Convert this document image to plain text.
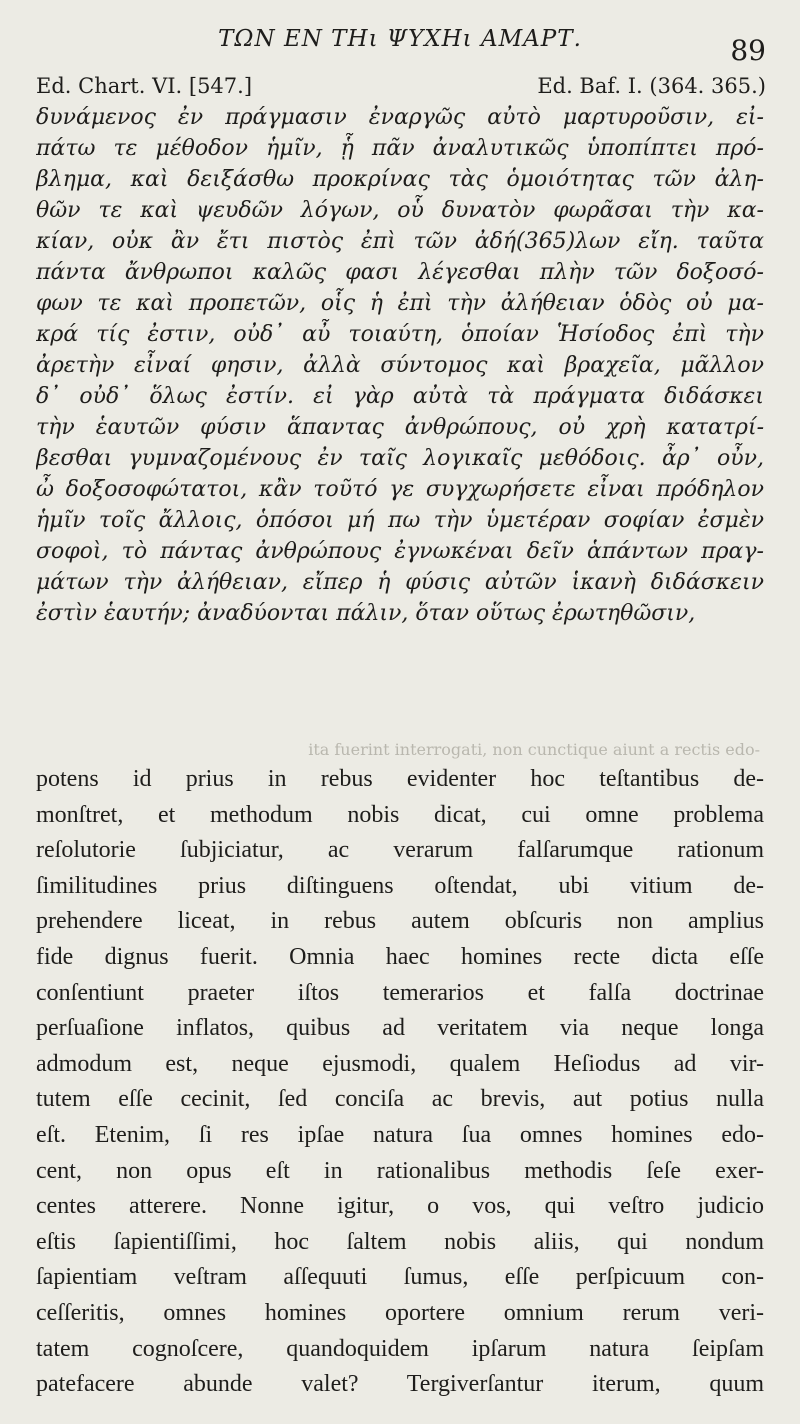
ΤΩΝ ΕΝ ΤΗι ΨΥΧΗι ΑΜΑΡΤ.	89
Ed. Chart. VI. [547.]	Ed. Baf. I. (364. 365.)
δυνάμενος ἐν πράγμασιν ἐναργῶς αὐτὸ μαρτυροῦσιν, εἰ-
πάτω τε μέθοδον ἡμῖν, ᾗ πᾶν ἀναλυτικῶς ὑποπίπτει πρό-
βλημα, καὶ δειξάσθω προκρίνας τὰς ὁμοιότητας τῶν ἀλη-
θῶν τε καὶ ψευδῶν λόγων, οὗ δυνατὸν φωρᾶσαι τὴν κα-
κίαν, οὐκ ἂν ἔτι πιστὸς ἐπὶ τῶν ἀδή(365)λων εἴη. ταῦτα
πάντα ἄνθρωποι καλῶς φασι λέγεσθαι πλὴν τῶν δοξοσό-
φων τε καὶ προπετῶν, οἷς ἡ ἐπὶ τὴν ἀλήθειαν ὁδὸς οὐ μα-
κρά τίς ἐστιν, οὐδ᾽ αὖ τοιαύτη, ὁποίαν Ἡσίοδος ἐπὶ τὴν
ἀρετὴν εἶναί φησιν, ἀλλὰ σύντομος καὶ βραχεῖα, μᾶλλον
δ᾽ οὐδ᾽ ὅλως ἐστίν. εἰ γὰρ αὐτὰ τὰ πράγματα διδάσκει
τὴν ἑαυτῶν φύσιν ἅπαντας ἀνθρώπους, οὐ χρὴ κατατρί-
βεσθαι γυμναζομένους ἐν ταῖς λογικαῖς μεθόδοις. ἆρ᾽ οὖν,
ὦ δοξοσοφώτατοι, κἂν τοῦτό γε συγχωρήσετε εἶναι πρόδηλον
ἡμῖν τοῖς ἄλλοις, ὁπόσοι μή πω τὴν ὑμετέραν σοφίαν ἐσμὲν
σοφοὶ, τὸ πάντας ἀνθρώπους ἐγνωκέναι δεῖν ἁπάντων πραγ-
μάτων τὴν ἀλήθειαν, εἴπερ ἡ φύσις αὐτῶν ἱκανὴ διδάσκειν
ἐστὶν ἑαυτήν; ἀναδύονται πάλιν, ὅταν οὕτως ἐρωτηθῶσιν,
ita fuerint interrogati, non cunctique aiunt a rectis edo-
potens id prius in rebus evidenter hoc teſtantibus de-
monſtret, et methodum nobis dicat, cui omne problema
reſolutorie ſubjiciatur, ac verarum falſarumque rationum
ſimilitudines prius diſtinguens oſtendat, ubi vitium de-
prehendere liceat, in rebus autem obſcuris non amplius
fide dignus fuerit. Omnia haec homines recte dicta eſſe
conſentiunt praeter iſtos temerarios et falſa doctrinae
perſuaſione inflatos, quibus ad veritatem via neque longa
admodum est, neque ejusmodi, qualem Heſiodus ad vir-
tutem eſſe cecinit, ſed conciſa ac brevis, aut potius nulla
eſt. Etenim, ſi res ipſae natura ſua omnes homines edo-
cent, non opus eſt in rationalibus methodis ſeſe exer-
centes atterere. Nonne igitur, o vos, qui veſtro judicio
eſtis ſapientiſſimi, hoc ſaltem nobis aliis, qui nondum
ſapientiam veſtram aſſequuti ſumus, eſſe perſpicuum con-
ceſſeritis, omnes homines oportere omnium rerum veri-
tatem cognoſcere, quandoquidem ipſarum natura ſeipſam
patefacere abunde valet? Tergiverſantur iterum, quum
